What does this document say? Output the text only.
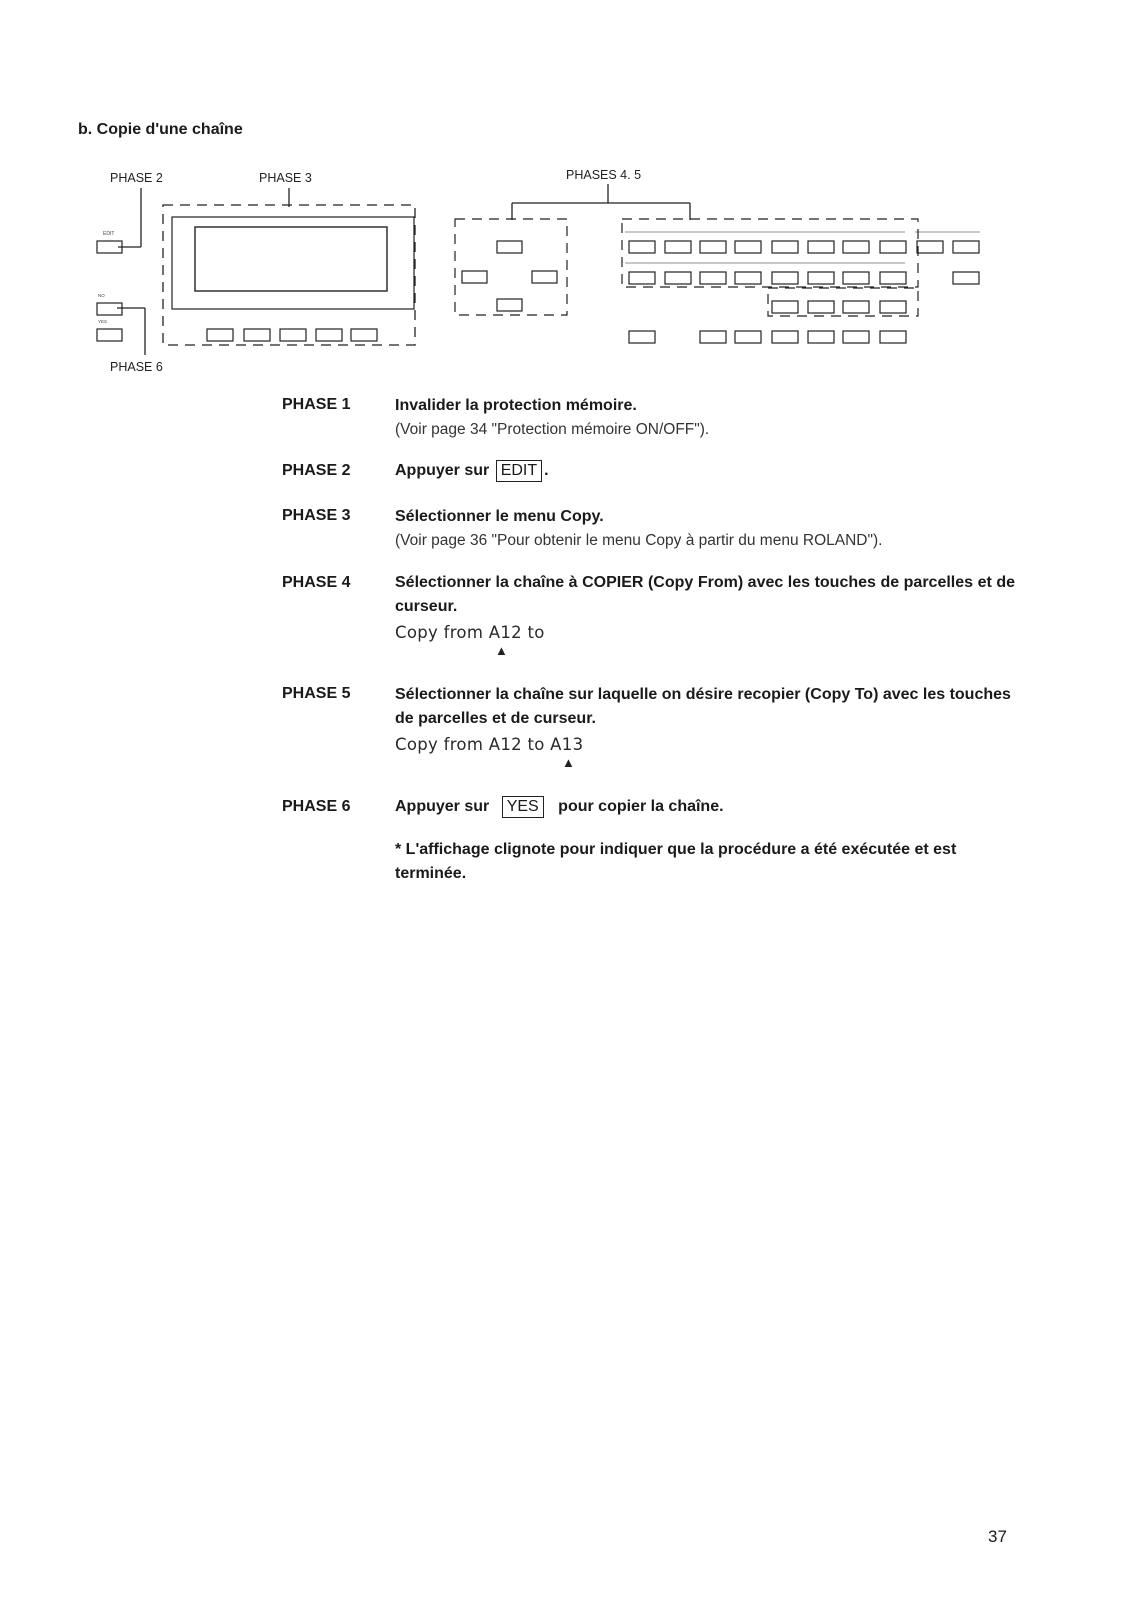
b. Copie d'une chaîne
PHASE 2	PHASE 3	PHASES 4. 5
PHASE 6
EDIT
NO
YES
PHASE 1	Invalider la protection mémoire.
(Voir page 34 "Protection mémoire ON/OFF").
PHASE 2	Appuyer sur EDIT .
PHASE 3	Sélectionner le menu Copy.
(Voir page 36 "Pour obtenir le menu Copy à partir du menu ROLAND").
PHASE 4	Sélectionner la chaîne à COPIER (Copy From) avec les touches de parcelles et de curseur.
Copy from A12 to
▲
PHASE 5	Sélectionner la chaîne sur laquelle on désire recopier (Copy To) avec les touches de parcelles et de curseur.
Copy from A12 to A13
▲
PHASE 6	Appuyer sur YES pour copier la chaîne.
* L'affichage clignote pour indiquer que la procédure a été exécutée et est terminée.
37
